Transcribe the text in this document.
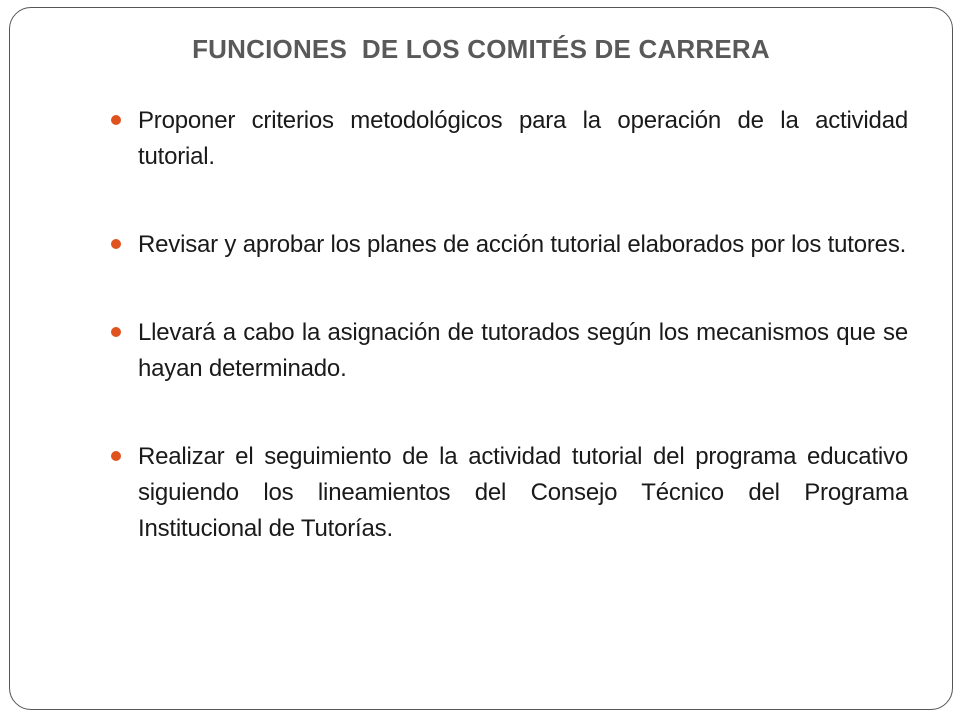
FUNCIONES  DE LOS COMITÉS DE CARRERA
Proponer criterios metodológicos para la operación de la actividad tutorial.
Revisar y aprobar los planes de acción tutorial elaborados por los tutores.
Llevará a cabo la asignación de tutorados según los mecanismos que se hayan determinado.
Realizar el seguimiento de la actividad tutorial del programa educativo siguiendo los lineamientos del Consejo Técnico del Programa Institucional de Tutorías.
